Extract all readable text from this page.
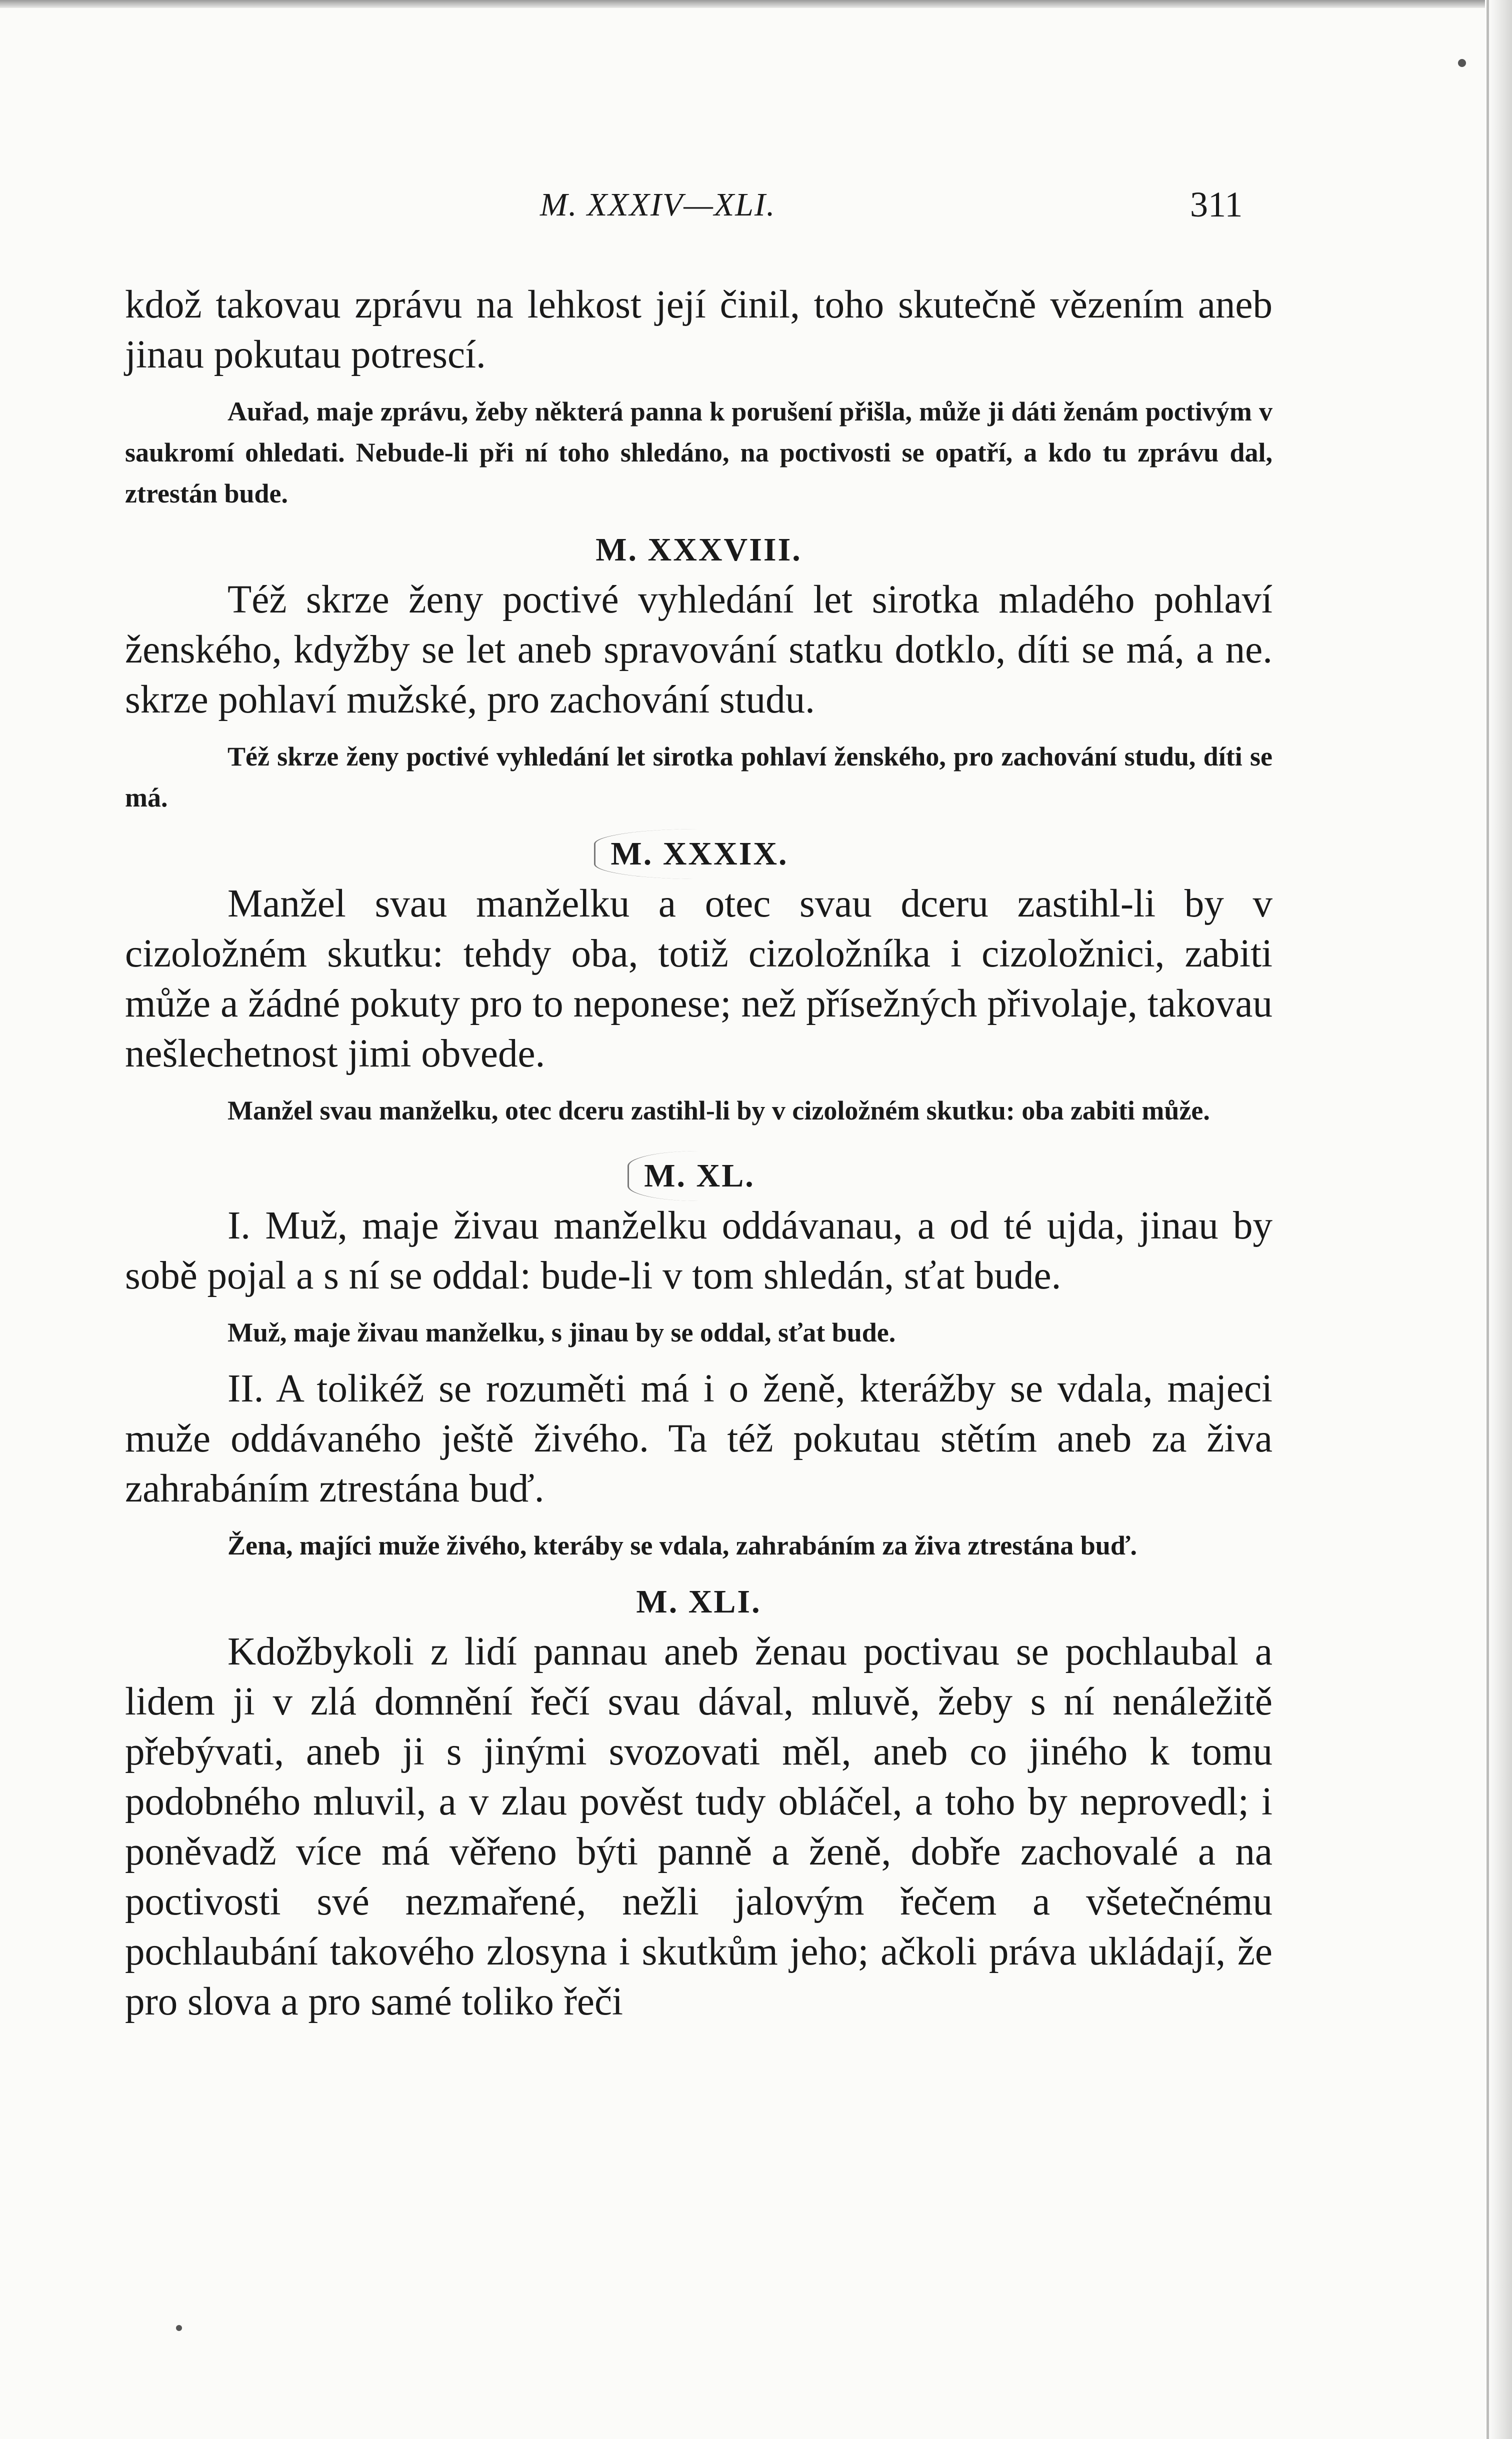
M. XXXIV—XLI.	311

kdož takovau zprávu na lehkost její činil, toho skutečně vězením aneb jinau pokutau potrescí.

Auřad, maje zprávu, žeby některá panna k porušení přišla, může ji dáti ženám poctivým v saukromí ohledati. Nebude-li při ní toho shledáno, na poctivosti se opatří, a kdo tu zprávu dal, ztrestán bude.

M. XXXVIII.

Též skrze ženy poctivé vyhledání let sirotka mladého pohlaví ženského, kdyžby se let aneb spravování statku dotklo, díti se má, a ne. skrze pohlaví mužské, pro zachování studu.

Též skrze ženy poctivé vyhledání let sirotka pohlaví ženského, pro zachování studu, díti se má.

M. XXXIX.

Manžel svau manželku a otec svau dceru zastihl-li by v cizoložném skutku: tehdy oba, totiž cizoložníka i cizoložnici, zabiti může a žádné pokuty pro to neponese; než přísežných přivolaje, takovau nešlechetnost jimi obvede.

Manžel svau manželku, otec dceru zastihl-li by v cizoložném skutku: oba zabiti může.

M. XL.

I. Muž, maje živau manželku oddávanau, a od té ujda, jinau by sobě pojal a s ní se oddal: bude-li v tom shledán, sťat bude.

Muž, maje živau manželku, s jinau by se oddal, sťat bude.

II. A tolikéž se rozuměti má i o ženě, kterážby se vdala, majeci muže oddávaného ještě živého. Ta též pokutau stětím aneb za živa zahrabáním ztrestána buď.

Žena, majíci muže živého, kteráby se vdala, zahrabáním za živa ztrestána buď.

M. XLI.

Kdožbykoli z lidí pannau aneb ženau poctivau se pochlaubal a lidem ji v zlá domnění řečí svau dával, mluvě, žeby s ní nenáležitě přebývati, aneb ji s jinými svozovati měl, aneb co jiného k tomu podobného mluvil, a v zlau pověst tudy obláčel, a toho by neprovedl; i poněvadž více má věřeno býti panně a ženě, dobře zachovalé a na poctivosti své nezmařené, nežli jalovým řečem a všetečnému pochlaubání takového zlosyna i skutkům jeho; ačkoli práva ukládají, že pro slova a pro samé toliko řeči
